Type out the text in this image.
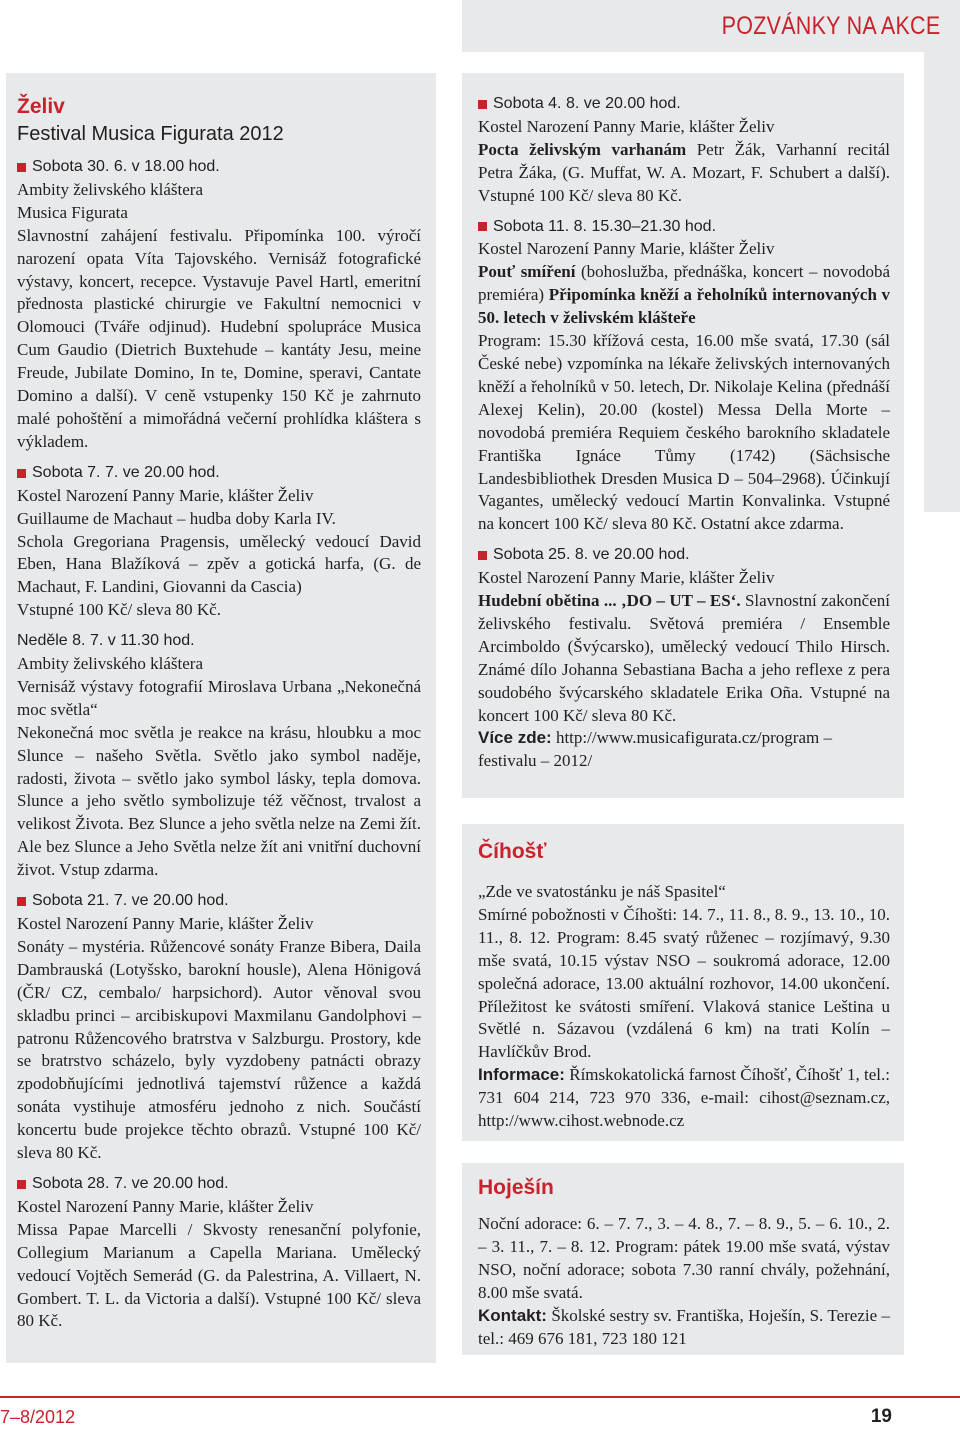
POZVÁNKY NA AKCE
Želiv
Festival Musica Figurata 2012
Sobota 30. 6. v 18.00 hod.
Ambity želivského kláštera
Musica Figurata
Slavnostní zahájení festivalu. Připomínka 100. výročí narození opata Víta Tajovského. Vernisáž fotografické výstavy, koncert, recepce. Vystavuje Pavel Hartl, emeritní přednosta plastické chirurgie ve Fakultní nemocnici v Olomouci (Tváře odjinud). Hudební spolupráce Musica Cum Gaudio (Dietrich Buxtehude – kantáty Jesu, meine Freude, Jubilate Domino, In te, Domine, speravi, Cantate Domino a další). V ceně vstupenky 150 Kč je zahrnuto malé pohoštění a mimořádná večerní prohlídka kláštera s výkladem.
Sobota 7. 7. ve 20.00 hod.
Kostel Narození Panny Marie, klášter Želiv
Guillaume de Machaut – hudba doby Karla IV.
Schola Gregoriana Pragensis, umělecký vedoucí David Eben, Hana Blažíková – zpěv a gotická harfa, (G. de Machaut, F. Landini, Giovanni da Cascia)
Vstupné 100 Kč/ sleva 80 Kč.
Neděle 8. 7. v 11.30 hod.
Ambity želivského kláštera
Vernisáž výstavy fotografií Miroslava Urbana „Nekonečná moc světla“
Nekonečná moc světla je reakce na krásu, hloubku a moc Slunce – našeho Světla. Světlo jako symbol naděje, radosti, života – světlo jako symbol lásky, tepla domova. Slunce a jeho světlo symbolizuje též věčnost, trvalost a velikost Života. Bez Slunce a jeho světla nelze na Zemi žít. Ale bez Slunce a Jeho Světla nelze žít ani vnitřní duchovní život. Vstup zdarma.
Sobota 21. 7. ve 20.00 hod.
Kostel Narození Panny Marie, klášter Želiv
Sonáty – mystéria. Růžencové sonáty Franze Bibera, Daila Dambrauská (Lotyšsko, barokní housle), Alena Hönigová (ČR/ CZ, cembalo/ harpsichord). Autor věnoval svou skladbu princi – arcibiskupovi Maxmilanu Gandolphovi – patronu Růžencového bratrstva v Salzburgu. Prostory, kde se bratrstvo scházelo, byly vyzdobeny patnácti obrazy zpodobňujícími jednotlivá tajemství růžence a každá sonáta vystihuje atmosféru jednoho z nich. Součástí koncertu bude projekce těchto obrazů. Vstupné 100 Kč/ sleva 80 Kč.
Sobota 28. 7. ve 20.00 hod.
Kostel Narození Panny Marie, klášter Želiv
Missa Papae Marcelli / Skvosty renesanční polyfonie, Collegium Marianum a Capella Mariana. Umělecký vedoucí Vojtěch Semerád (G. da Palestrina, A. Villaert, N. Gombert. T. L. da Victoria a další). Vstupné 100 Kč/ sleva 80 Kč.
Sobota 4. 8. ve 20.00 hod.
Kostel Narození Panny Marie, klášter Želiv
Pocta želivským varhanám Petr Žák, Varhanní recitál Petra Žáka, (G. Muffat, W. A. Mozart, F. Schubert a další). Vstupné 100 Kč/ sleva 80 Kč.
Sobota 11. 8. 15.30–21.30 hod.
Kostel Narození Panny Marie, klášter Želiv
Pouť smíření (bohoslužba, přednáška, koncert – novodobá premiéra) Připomínka kněží a řeholníků internovaných v 50. letech v želivském klášteře
Program: 15.30 křížová cesta, 16.00 mše svatá, 17.30 (sál České nebe) vzpomínka na lékaře želivských internovaných kněží a řeholníků v 50. letech, Dr. Nikolaje Kelina (přednáší Alexej Kelin), 20.00 (kostel) Messa Della Morte – novodobá premiéra Requiem českého barokního skladatele Františka Ignáce Tůmy (1742) (Sächsische Landesbibliothek Dresden Musica D – 504–2968). Účinkují Vagantes, umělecký vedoucí Martin Konvalinka. Vstupné na koncert 100 Kč/ sleva 80 Kč. Ostatní akce zdarma.
Sobota 25. 8. ve 20.00 hod.
Kostel Narození Panny Marie, klášter Želiv
Hudební obětina ... ‚DO – UT – ES‘. Slavnostní zakončení želivského festivalu. Světová premiéra / Ensemble Arcimboldo (Švýcarsko), umělecký vedoucí Thilo Hirsch. Známé dílo Johanna Sebastiana Bacha a jeho reflexe z pera soudobého švýcarského skladatele Erika Oña. Vstupné na koncert 100 Kč/ sleva 80 Kč.
Více zde: http://www.musicafigurata.cz/program – festivalu – 2012/
Číhošť
„Zde ve svatostánku je náš Spasitel“
Smírné pobožnosti v Číhošti: 14. 7., 11. 8., 8. 9., 13. 10., 10. 11., 8. 12. Program: 8.45 svatý růženec – rozjímavý, 9.30 mše svatá, 10.15 výstav NSO – soukromá adorace, 12.00 společná adorace, 13.00 aktuální rozhovor, 14.00 ukončení. Příležitost ke svátosti smíření. Vlaková stanice Leština u Světlé n. Sázavou (vzdálená 6 km) na trati Kolín – Havlíčkův Brod.
Informace: Římskokatolická farnost Číhošť, Číhošť 1, tel.: 731 604 214, 723 970 336, e-mail: cihost@seznam.cz, http://www.cihost.webnode.cz
Hoješín
Noční adorace: 6. – 7. 7., 3. – 4. 8., 7. – 8. 9., 5. – 6. 10., 2. – 3. 11., 7. – 8. 12. Program: pátek 19.00 mše svatá, výstav NSO, noční adorace; sobota 7.30 ranní chvály, požehnání, 8.00 mše svatá.
Kontakt: Školské sestry sv. Františka, Hoješín, S. Terezie – tel.: 469 676 181, 723 180 121
7–8/2012	19
